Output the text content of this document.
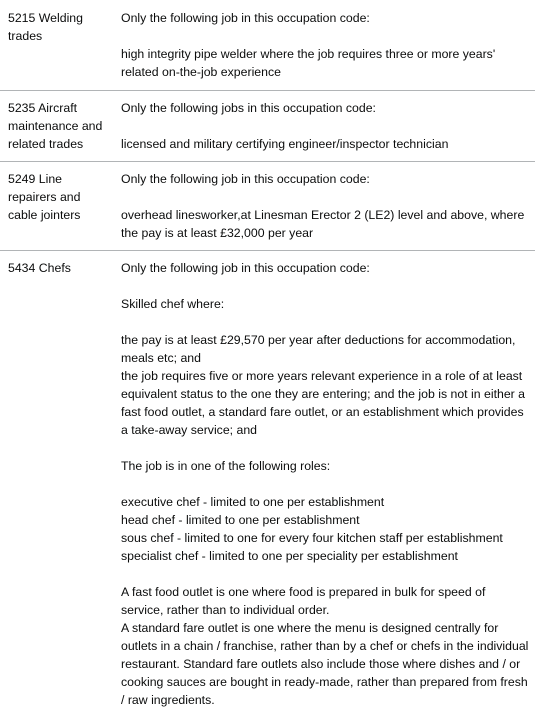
5215 Welding trades

Only the following job in this occupation code:

high integrity pipe welder where the job requires three or more years' related on-the-job experience

5235 Aircraft maintenance and related trades

Only the following jobs in this occupation code:

licensed and military certifying engineer/inspector technician

5249 Line repairers and cable jointers

Only the following job in this occupation code:

overhead linesworker,at Linesman Erector 2 (LE2) level and above, where the pay is at least £32,000 per year

5434 Chefs	Only the following job in this occupation code:

Skilled chef where:

the pay is at least £29,570 per year after deductions for accommodation, meals etc; and
the job requires five or more years relevant experience in a role of at least equivalent status to the one they are entering; and the job is not in either a fast food outlet, a standard fare outlet, or an establishment which provides a take-away service; and

The job is in one of the following roles:

executive chef - limited to one per establishment
head chef - limited to one per establishment
sous chef - limited to one for every four kitchen staff per establishment
specialist chef - limited to one per speciality per establishment

A fast food outlet is one where food is prepared in bulk for speed of service, rather than to individual order.
A standard fare outlet is one where the menu is designed centrally for outlets in a chain / franchise, rather than by a chef or chefs in the individual restaurant. Standard fare outlets also include those where dishes and / or cooking sauces are bought in ready-made, rather than prepared from fresh / raw ingredients.
